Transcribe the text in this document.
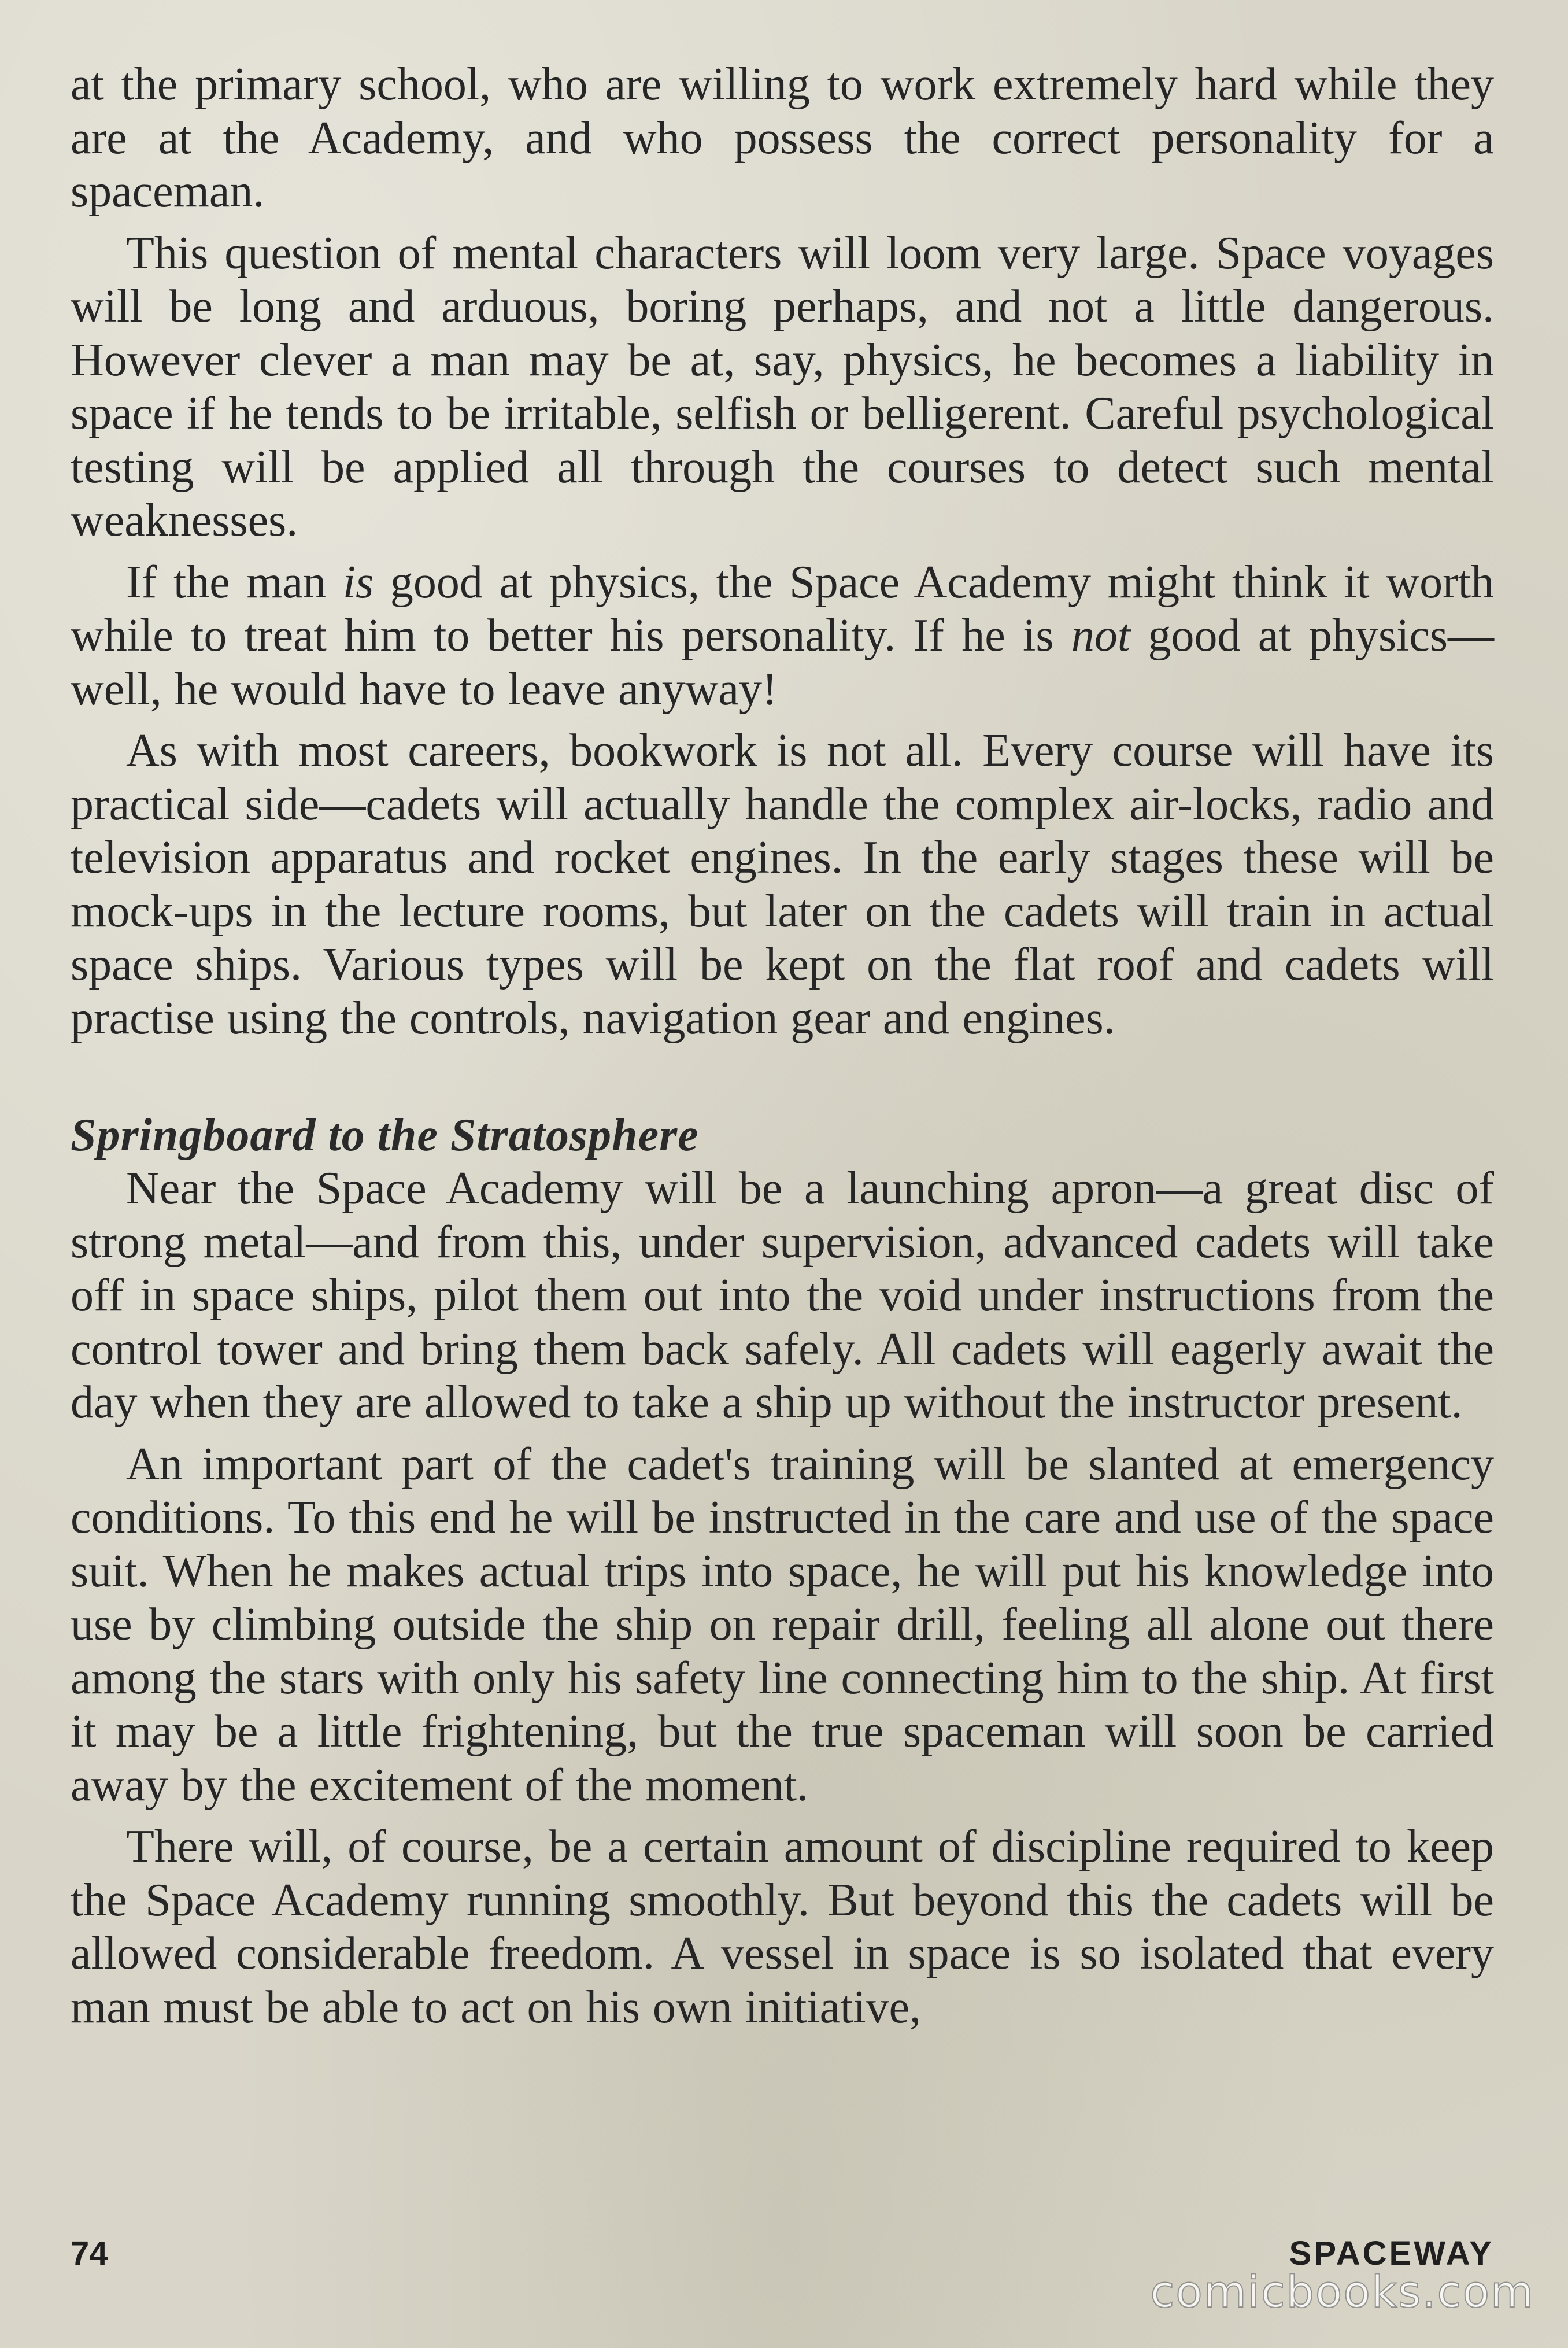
at the primary school, who are willing to work extremely hard while they are at the Academy, and who possess the correct personality for a spaceman.

This question of mental characters will loom very large. Space voyages will be long and arduous, boring perhaps, and not a little dangerous. However clever a man may be at, say, physics, he becomes a liability in space if he tends to be irritable, selfish or belligerent. Careful psychological testing will be applied all through the courses to detect such mental weaknesses.

If the man is good at physics, the Space Academy might think it worth while to treat him to better his personality. If he is not good at physics—well, he would have to leave anyway!

As with most careers, bookwork is not all. Every course will have its practical side—cadets will actually handle the complex air-locks, radio and television apparatus and rocket engines. In the early stages these will be mock-ups in the lecture rooms, but later on the cadets will train in actual space ships. Various types will be kept on the flat roof and cadets will practise using the controls, navigation gear and engines.

Springboard to the Stratosphere

Near the Space Academy will be a launching apron—a great disc of strong metal—and from this, under supervision, advanced cadets will take off in space ships, pilot them out into the void under instructions from the control tower and bring them back safely. All cadets will eagerly await the day when they are allowed to take a ship up without the instructor present.

An important part of the cadet's training will be slanted at emergency conditions. To this end he will be instructed in the care and use of the space suit. When he makes actual trips into space, he will put his knowledge into use by climbing outside the ship on repair drill, feeling all alone out there among the stars with only his safety line connecting him to the ship. At first it may be a little frightening, but the true spaceman will soon be carried away by the excitement of the moment.

There will, of course, be a certain amount of discipline required to keep the Space Academy running smoothly. But beyond this the cadets will be allowed considerable freedom. A vessel in space is so isolated that every man must be able to act on his own initiative,

74	SPACEWAY
comicbooks.com
